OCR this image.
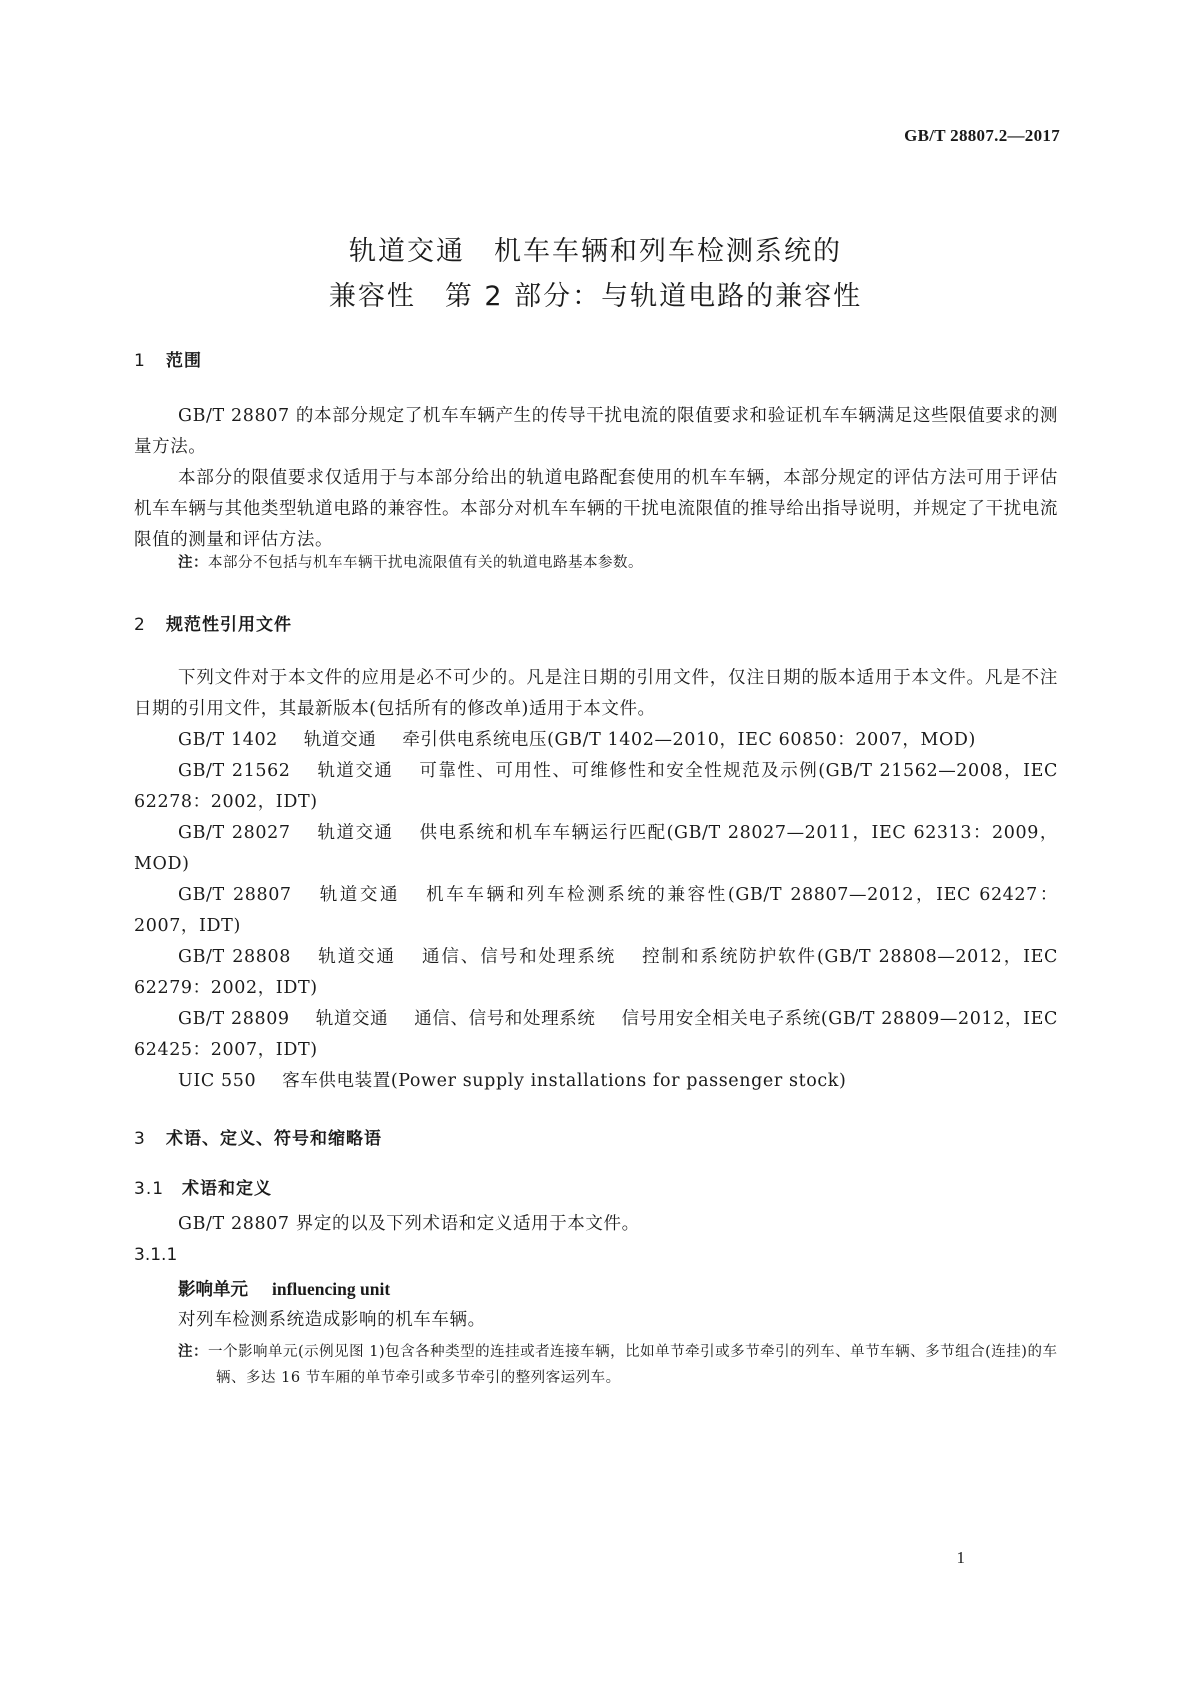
GB/T 28807.2—2017
轨道交通　机车车辆和列车检测系统的
兼容性　第 2 部分：与轨道电路的兼容性
1 范围
GB/T 28807 的本部分规定了机车车辆产生的传导干扰电流的限值要求和验证机车车辆满足这些限值要求的测量方法。
本部分的限值要求仅适用于与本部分给出的轨道电路配套使用的机车车辆，本部分规定的评估方法可用于评估机车车辆与其他类型轨道电路的兼容性。本部分对机车车辆的干扰电流限值的推导给出指导说明，并规定了干扰电流限值的测量和评估方法。
注：本部分不包括与机车车辆干扰电流限值有关的轨道电路基本参数。
2 规范性引用文件
下列文件对于本文件的应用是必不可少的。凡是注日期的引用文件，仅注日期的版本适用于本文件。凡是不注日期的引用文件，其最新版本(包括所有的修改单)适用于本文件。
GB/T 1402 轨道交通 牵引供电系统电压(GB/T 1402—2010，IEC 60850：2007，MOD)
GB/T 21562 轨道交通 可靠性、可用性、可维修性和安全性规范及示例(GB/T 21562—2008，IEC 62278：2002，IDT)
GB/T 28027 轨道交通 供电系统和机车车辆运行匹配(GB/T 28027—2011，IEC 62313：2009，MOD)
GB/T 28807 轨道交通 机车车辆和列车检测系统的兼容性(GB/T 28807—2012，IEC 62427：2007，IDT)
GB/T 28808 轨道交通 通信、信号和处理系统 控制和系统防护软件(GB/T 28808—2012，IEC 62279：2002，IDT)
GB/T 28809 轨道交通 通信、信号和处理系统 信号用安全相关电子系统(GB/T 28809—2012，IEC 62425：2007，IDT)
UIC 550 客车供电装置(Power supply installations for passenger stock)
3 术语、定义、符号和缩略语
3.1 术语和定义
GB/T 28807 界定的以及下列术语和定义适用于本文件。
3.1.1
影响单元 influencing unit
对列车检测系统造成影响的机车车辆。
注：一个影响单元(示例见图 1)包含各种类型的连挂或者连接车辆，比如单节牵引或多节牵引的列车、单节车辆、多节组合(连挂)的车辆、多达 16 节车厢的单节牵引或多节牵引的整列客运列车。
1
